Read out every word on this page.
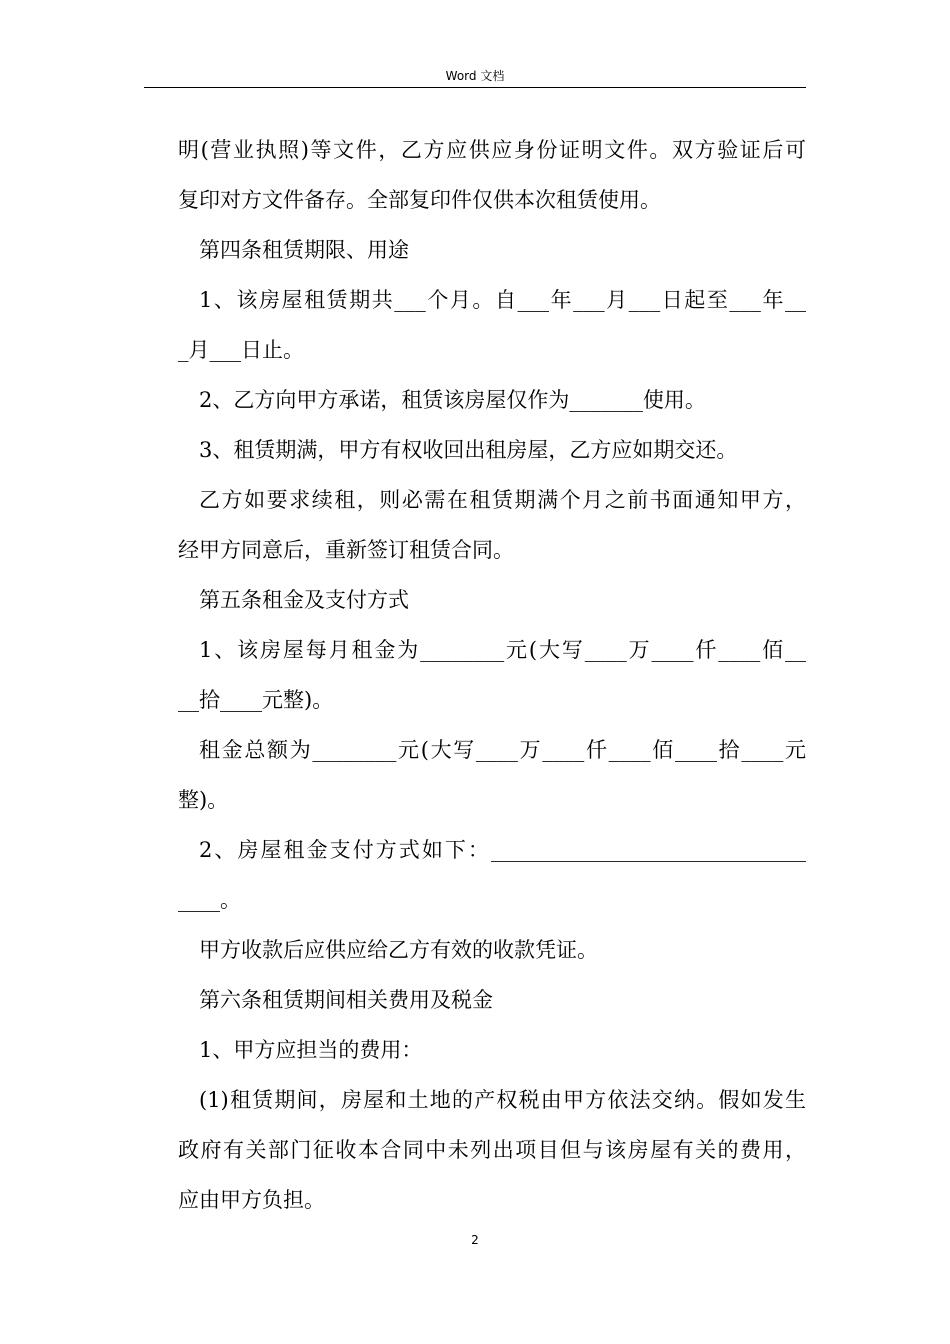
Word 文档
明(营业执照)等文件，乙方应供应身份证明文件。双方验证后可
复印对方文件备存。全部复印件仅供本次租赁使用。
第四条租赁期限、用途
1、该房屋租赁期共___个月。自___年___月___日起至___年__
_月___日止。
2、乙方向甲方承诺，租赁该房屋仅作为_______使用。
3、租赁期满，甲方有权收回出租房屋，乙方应如期交还。
乙方如要求续租，则必需在租赁期满个月之前书面通知甲方，
经甲方同意后，重新签订租赁合同。
第五条租金及支付方式
1、该房屋每月租金为________元(大写____万____仟____佰__
__拾____元整)。
租金总额为________元(大写____万____仟____佰____拾____元
整)。
2、房屋租金支付方式如下：______________________________
____。
甲方收款后应供应给乙方有效的收款凭证。
第六条租赁期间相关费用及税金
1、甲方应担当的费用：
(1)租赁期间，房屋和土地的产权税由甲方依法交纳。假如发生
政府有关部门征收本合同中未列出项目但与该房屋有关的费用，
应由甲方负担。
2
